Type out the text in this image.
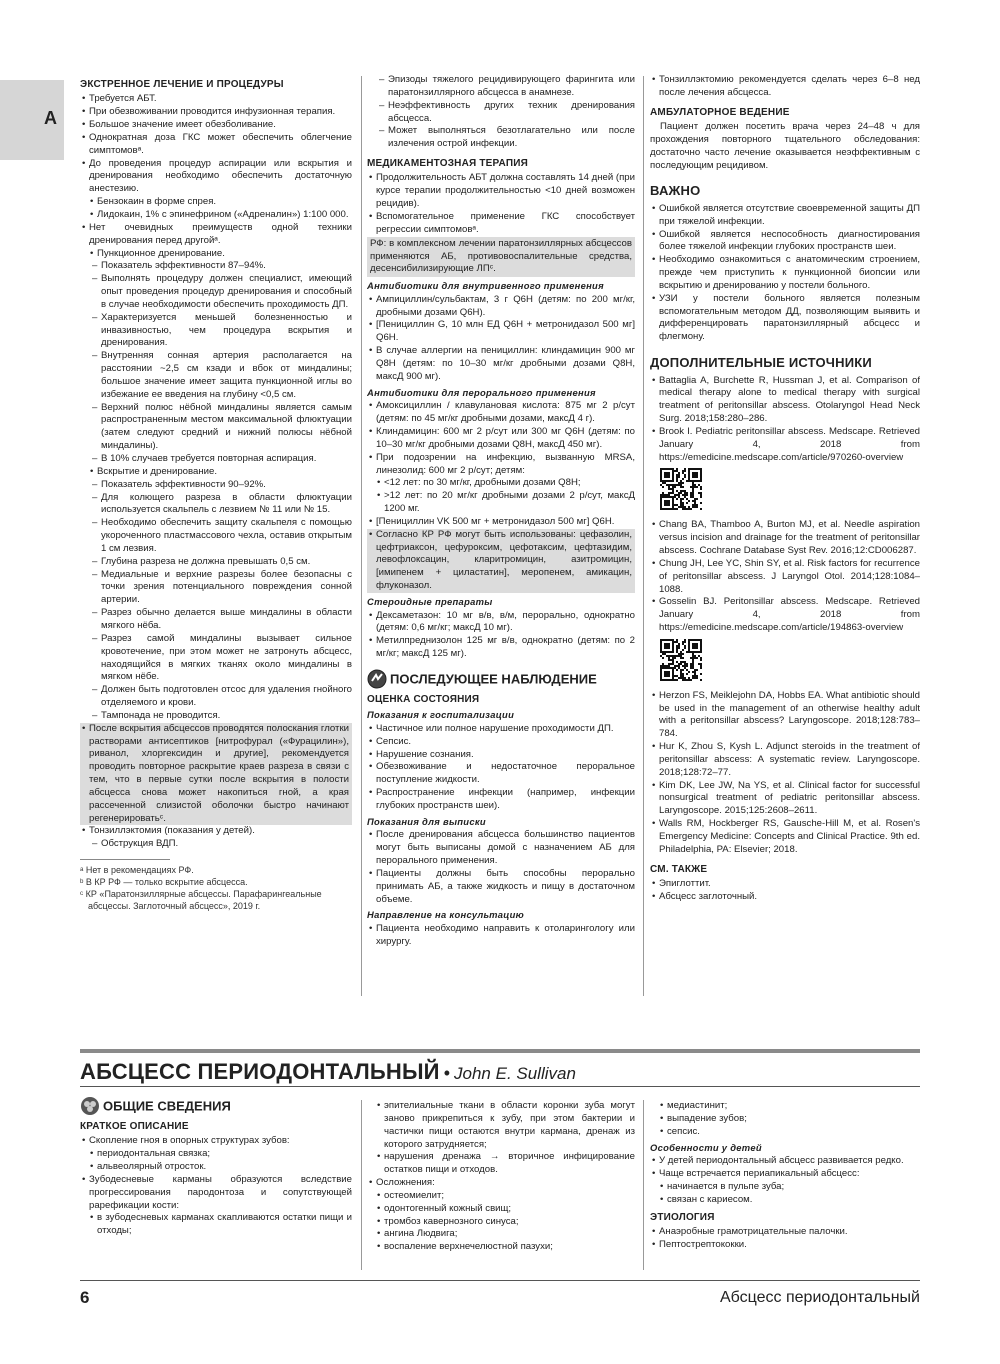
А
ЭКСТРЕННОЕ ЛЕЧЕНИЕ И ПРОЦЕДУРЫ
• Требуется АБТ.
• При обезвоживании проводится инфузионная терапия.
• Большое значение имеет обезболивание.
• Однократная доза ГКС может обеспечить облегчение симптомовᵃ.
• До проведения процедур аспирации или вскрытия и дренирования необходимо обеспечить достаточную анестезию.
• Бензокаин в форме спрея.
• Лидокаин, 1% с эпинефрином («Адреналин») 1:100 000.
• Нет очевидных преимуществ одной техники дренирования перед другойᵃ.
• Пункционное дренирование.
– Показатель эффективности 87–94%.
– Выполнять процедуру должен специалист, имеющий опыт проведения процедур дренирования и способный в случае необходимости обеспечить проходимость ДП.
– Характеризуется меньшей болезненностью и инвазивностью, чем процедура вскрытия и дренирования.
– Внутренняя сонная артерия располагается на расстоянии ~2,5 см кзади и вбок от миндалины; большое значение имеет защита пункционной иглы во избежание ее введения на глубину <0,5 см.
– Верхний полюс нёбной миндалины является самым распространенным местом максимальной флюктуации (затем следуют средний и нижний полюсы нёбной миндалины).
– В 10% случаев требуется повторная аспирация.
• Вскрытие и дренирование.
– Показатель эффективности 90–92%.
– Для колющего разреза в области флюктуации используется скальпель с лезвием № 11 или № 15.
– Необходимо обеспечить защиту скальпеля с помощью укороченного пластмассового чехла, оставив открытым 1 см лезвия.
– Глубина разреза не должна превышать 0,5 см.
– Медиальные и верхние разрезы более безопасны с точки зрения потенциального повреждения сонной артерии.
– Разрез обычно делается выше миндалины в области мягкого нёба.
– Разрез самой миндалины вызывает сильное кровотечение, при этом может не затронуть абсцесс, находящийся в мягких тканях около миндалины в мягком нёбе.
– Должен быть подготовлен отсос для удаления гнойного отделяемого и крови.
– Тампонада не проводится.
• После вскрытия абсцессов проводятся полоскания глотки растворами антисептиков [нитрофурал («Фурацилин»), риванол, хлоргексидин и другие], рекомендуется проводить повторное раскрытие краев разреза в связи с тем, что в первые сутки после вскрытия в полости абсцесса снова может накопиться гной, а края рассеченной слизистой оболочки быстро начинают регенерироватьᶜ.
• Тонзиллэктомия (показания у детей).
– Обструкция ВДП.
ᵃ Нет в рекомендациях РФ.
ᵇ В КР РФ — только вскрытие абсцесса.
ᶜ КР «Паратонзиллярные абсцессы. Парафарингеальные абсцессы. Заглоточный абсцесс», 2019 г.
– Эпизоды тяжелого рецидивирующего фарингита или паратонзиллярного абсцесса в анамнезе.
– Неэффективность других техник дренирования абсцесса.
– Может выполняться безотлагательно или после излечения острой инфекции.
МЕДИКАМЕНТОЗНАЯ ТЕРАПИЯ
• Продолжительность АБТ должна составлять 14 дней (при курсе терапии продолжительностью <10 дней возможен рецидив).
• Вспомогательное применение ГКС способствует регрессии симптомовᵃ.
РФ: в комплексном лечении паратонзиллярных абсцессов применяются АБ, противовоспалительные средства, десенсибилизирующие ЛПᶜ.
Антибиотики для внутривенного применения
• Ампициллин/сульбактам, 3 г Q6H (детям: по 200 мг/кг, дробными дозами Q6H).
• [Пенициллин G, 10 млн ЕД Q6H + метронидазол 500 мг] Q6H.
• В случае аллергии на пенициллин: клиндамицин 900 мг Q8H (детям: по 10–30 мг/кг дробными дозами Q8H, максД 900 мг).
Антибиотики для перорального применения
• Амоксициллин / клавулановая кислота: 875 мг 2 р/сут (детям: по 45 мг/кг дробными дозами, максД 4 г).
• Клиндамицин: 600 мг 2 р/сут или 300 мг Q6H (детям: по 10–30 мг/кг дробными дозами Q8H, максД 450 мг).
• При подозрении на инфекцию, вызванную MRSA, линезолид: 600 мг 2 р/сут; детям:
• <12 лет: по 30 мг/кг, дробными дозами Q8H;
• >12 лет: по 20 мг/кг дробными дозами 2 р/сут, максД 1200 мг.
• [Пенициллин VK 500 мг + метронидазол 500 мг] Q6H.
• Согласно КР РФ могут быть использованы: цефазолин, цефтриаксон, цефуроксим, цефотаксим, цефтазидим, левофлоксацин, кларитромицин, азитромицин, [имипенем + циластатин], меропенем, амикацин, флуконазол.
Стероидные препараты
• Дексаметазон: 10 мг в/в, в/м, перорально, однократно (детям: 0,6 мг/кг; максД 10 мг).
• Метилпреднизолон 125 мг в/в, однократно (детям: по 2 мг/кг; максД 125 мг).
ПОСЛЕДУЮЩЕЕ НАБЛЮДЕНИЕ
ОЦЕНКА СОСТОЯНИЯ
Показания к госпитализации
• Частичное или полное нарушение проходимости ДП.
• Сепсис.
• Нарушение сознания.
• Обезвоживание и недостаточное пероральное поступление жидкости.
• Распространение инфекции (например, инфекции глубоких пространств шеи).
Показания для выписки
• После дренирования абсцесса большинство пациентов могут быть выписаны домой с назначением АБ для перорального применения.
• Пациенты должны быть способны перорально принимать АБ, а также жидкость и пищу в достаточном объеме.
Направление на консультацию
• Пациента необходимо направить к отоларингологу или хирургу.
• Тонзиллэктомию рекомендуется сделать через 6–8 нед после лечения абсцесса.
АМБУЛАТОРНОЕ ВЕДЕНИЕ
Пациент должен посетить врача через 24–48 ч для прохождения повторного тщательного обследования: достаточно часто лечение оказывается неэффективным с последующим рецидивом.
ВАЖНО
• Ошибкой является отсутствие своевременной защиты ДП при тяжелой инфекции.
• Ошибкой является неспособность диагностирования более тяжелой инфекции глубоких пространств шеи.
• Необходимо ознакомиться с анатомическим строением, прежде чем приступить к пункционной биопсии или вскрытию и дренированию у постели больного.
• УЗИ у постели больного является полезным вспомогательным методом ДД, позволяющим выявить и дифференцировать паратонзиллярный абсцесс и флегмону.
ДОПОЛНИТЕЛЬНЫЕ ИСТОЧНИКИ
• Battaglia A, Burchette R, Hussman J, et al. Comparison of medical therapy alone to medical therapy with surgical treatment of peritonsillar abscess. Otolaryngol Head Neck Surg. 2018;158:280–286.
• Brook I. Pediatric peritonsillar abscess. Medscape. Retrieved January 4, 2018 from https://emedicine.medscape.com/article/970260-overview
• Chang BA, Thamboo A, Burton MJ, et al. Needle aspiration versus incision and drainage for the treatment of peritonsillar abscess. Cochrane Database Syst Rev. 2016;12:CD006287.
• Chung JH, Lee YC, Shin SY, et al. Risk factors for recurrence of peritonsillar abscess. J Laryngol Otol. 2014;128:1084–1088.
• Gosselin BJ. Peritonsillar abscess. Medscape. Retrieved January 4, 2018 from https://emedicine.medscape.com/article/194863-overview
• Herzon FS, Meiklejohn DA, Hobbs EA. What antibiotic should be used in the management of an otherwise healthy adult with a peritonsillar abscess? Laryngoscope. 2018;128:783–784.
• Hur K, Zhou S, Kysh L. Adjunct steroids in the treatment of peritonsillar abscess: A systematic review. Laryngoscope. 2018;128:72–77.
• Kim DK, Lee JW, Na YS, et al. Clinical factor for successful nonsurgical treatment of pediatric peritonsillar abscess. Laryngoscope. 2015;125:2608–2611.
• Walls RM, Hockberger RS, Gausche-Hill M, et al. Rosen's Emergency Medicine: Concepts and Clinical Practice. 9th ed. Philadelphia, PA: Elsevier; 2018.
СМ. ТАКЖЕ
• Эпиглоттит.
• Абсцесс заглоточный.
АБСЦЕСС ПЕРИОДОНТАЛЬНЫЙ • John E. Sullivan
ОБЩИЕ СВЕДЕНИЯ
КРАТКОЕ ОПИСАНИЕ
• Скопление гноя в опорных структурах зубов:
• периодонтальная связка;
• альвеолярный отросток.
• Зубодесневые карманы образуются вследствие прогрессирования пародонтоза и сопутствующей рарефикации кости:
• в зубодесневых карманах скапливаются остатки пищи и отходы;
• эпителиальные ткани в области коронки зуба могут заново прикрепиться к зубу, при этом бактерии и частички пищи остаются внутри кармана, дренаж из которого затрудняется;
• нарушения дренажа → вторичное инфицирование остатков пищи и отходов.
• Осложнения:
• остеомиелит;
• одонтогенный кожный свищ;
• тромбоз кавернозного синуса;
• ангина Людвига;
• воспаление верхнечелюстной пазухи;
• медиастинит;
• выпадение зубов;
• сепсис.
Особенности у детей
• У детей периодонтальный абсцесс развивается редко.
• Чаще встречается периапикальный абсцесс:
• начинается в пульпе зуба;
• связан с кариесом.
ЭТИОЛОГИЯ
• Анаэробные грамотрицательные палочки.
• Пептострептококки.
6	Абсцесс периодонтальный
